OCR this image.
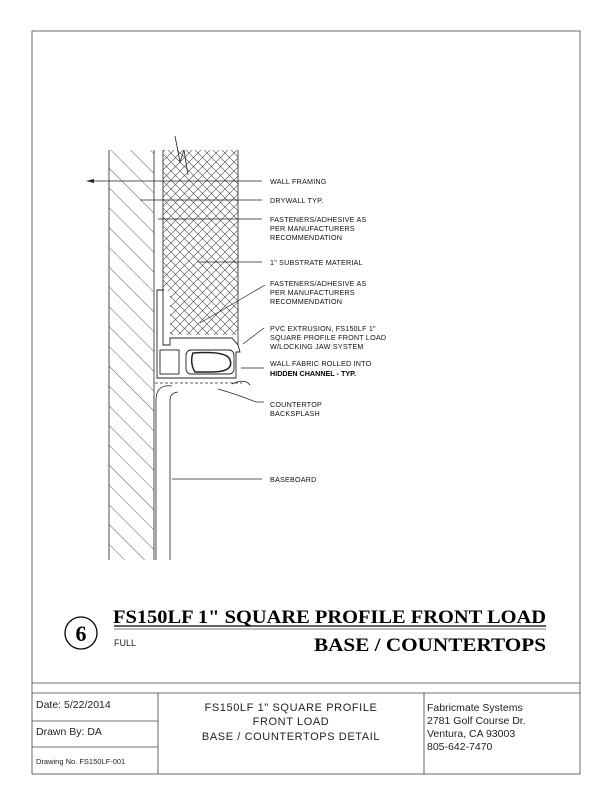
WALL FRAMING
DRYWALL TYP.
FASTENERS/ADHESIVE AS
PER MANUFACTURERS
RECOMMENDATION
1" SUBSTRATE MATERIAL
FASTENERS/ADHESIVE AS
PER MANUFACTURERS
RECOMMENDATION
PVC EXTRUSION, FS150LF 1"
SQUARE PROFILE FRONT LOAD
W/LOCKING JAW SYSTEM
WALL FABRIC ROLLED INTO
HIDDEN CHANNEL - TYP.
COUNTERTOP
BACKSPLASH
BASEBOARD
6
FS150LF 1" SQUARE PROFILE FRONT LOAD
BASE / COUNTERTOPS
FULL
Date: 5/22/2014
Drawn By: DA
Drawing No. FS150LF-001
FS150LF 1" SQUARE PROFILE
FRONT LOAD
BASE / COUNTERTOPS DETAIL
Fabricmate Systems
2781 Golf Course Dr.
Ventura, CA 93003
805-642-7470
